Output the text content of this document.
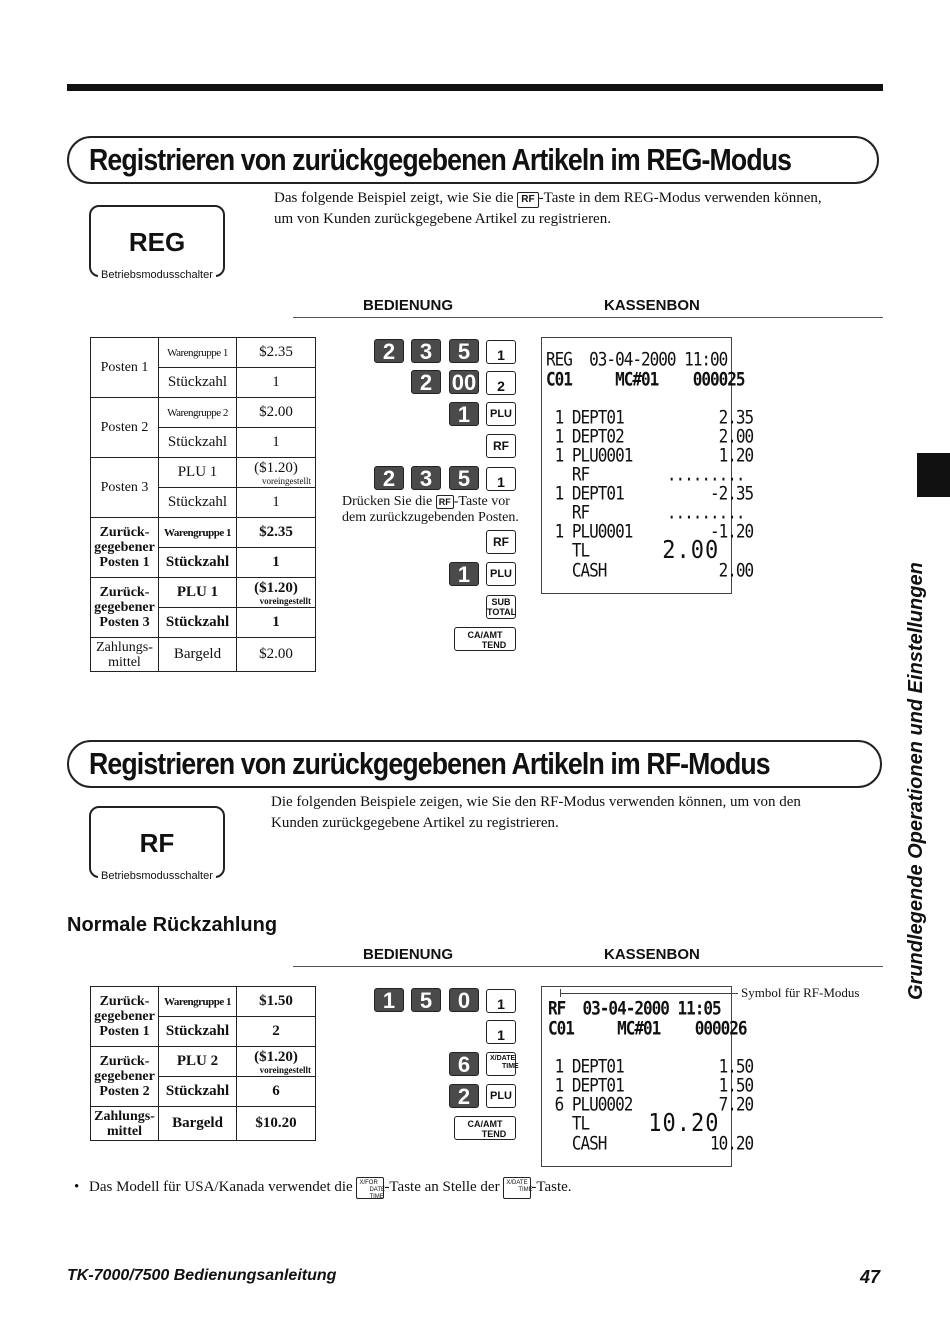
Registrieren von zurückgegebenen Artikeln im REG-Modus
Das folgende Beispiel zeigt, wie Sie die RF -Taste in dem REG-Modus verwenden können,
um von Kunden zurückgegebene Artikel zu registrieren.
REG
Betriebsmodusschalter
BEDIENUNG	KASSENBON
Posten 1	Warengruppe 1	$2.35
	Stückzahl	1
Posten 2	Warengruppe 2	$2.00
	Stückzahl	1
Posten 3	PLU 1	($1.20)
voreingestellt

	Stückzahl	1
Zurück-
gegebener
Posten 1	Warengruppe 1	$2.35
	Stückzahl	1
Zurück-
gegebener
Posten 3	PLU 1	($1.20)
voreingestellt

	Stückzahl	1
Zahlungs-
mittel	Bargeld	$2.00
2	3	5	1
2 00	2
1	PLU
RF
2	3	5	1
Drücken Sie die RF -Taste vor
dem zurückzugebenden Posten.
RF
1	PLU
SUB
TOTAL
CA/AMT
TEND
REG  03-04-2000 11:00
C01     MC#01    000025
1 DEPT01           2.35
1 DEPT02           2.00
1 PLU0001          1.20
RF         .........
1 DEPT01          -2.35
RF         .........
1 PLU0001         -1.20
TL	2.00
CASH             2.00
Registrieren von zurückgegebenen Artikeln im RF-Modus
Die folgenden Beispiele zeigen, wie Sie den RF-Modus verwenden können, um von den
Kunden zurückgegebene Artikel zu registrieren.
RF
Betriebsmodusschalter
Normale Rückzahlung
BEDIENUNG	KASSENBON
Zurück-
gegebener
Posten 1	Warengruppe 1	$1.50
	Stückzahl	2
Zurück-
gegebener
Posten 2	PLU 2	($1.20)
voreingestellt

	Stückzahl	6
Zahlungs-
mittel	Bargeld	$10.20
1	5	0	1
1
6	X/DATE
TIME
2	PLU
CA/AMT
TEND
RF  03-04-2000 11:05
C01     MC#01    000026
1 DEPT01           1.50
1 DEPT01           1.50
6 PLU0002          7.20
TL 10.20
CASH            10.20
Symbol für RF-Modus
• Das Modell für USA/Kanada verwendet die X/FOR
DATE
TIME-Taste an Stelle der X/DATE
TIME-Taste.
Grundlegende Operationen und Einstellungen
TK-7000/7500 Bedienungsanleitung	47
